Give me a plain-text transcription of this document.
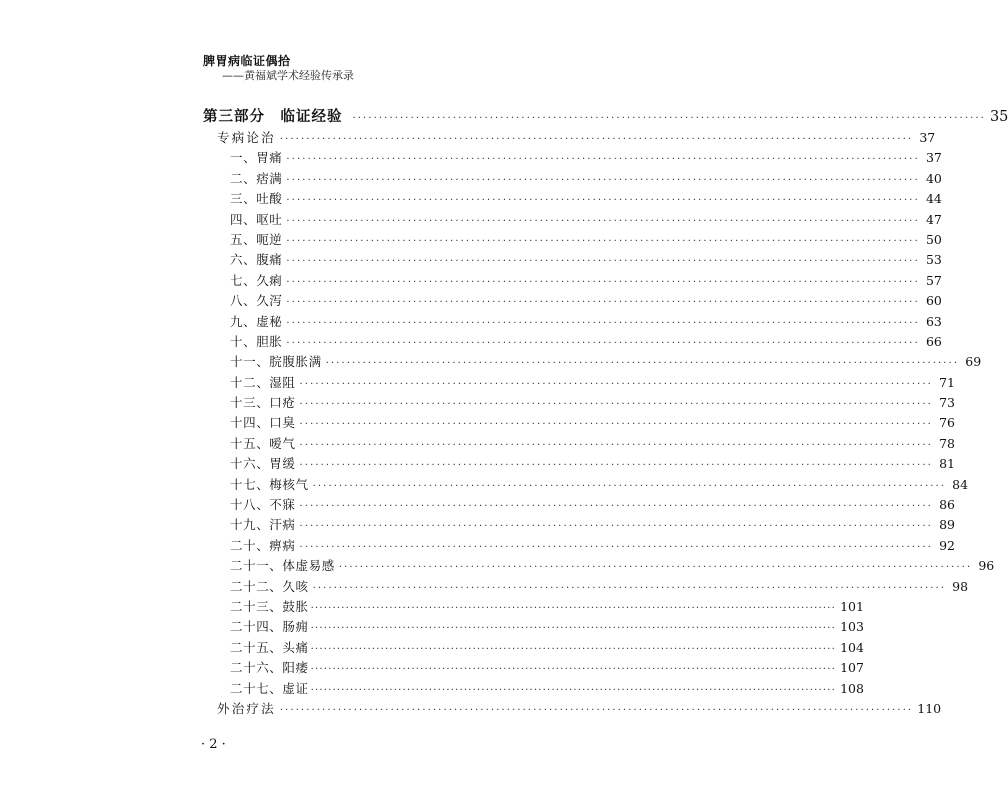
脾胃病临证偶拾
——黄福斌学术经验传承录
第三部分　临证经验 ························································································································ 35
专病论治 ························································································································ 37
一、胃痛 ························································································································ 37
二、痞满 ························································································································ 40
三、吐酸 ························································································································ 44
四、呕吐 ························································································································ 47
五、呃逆 ························································································································ 50
六、腹痛 ························································································································ 53
七、久痢 ························································································································ 57
八、久泻 ························································································································ 60
九、虚秘 ························································································································ 63
十、胆胀 ························································································································ 66
十一、脘腹胀满 ························································································································ 69
十二、湿阻 ························································································································ 71
十三、口疮 ························································································································ 73
十四、口臭 ························································································································ 76
十五、嗳气 ························································································································ 78
十六、胃缓 ························································································································ 81
十七、梅核气 ························································································································ 84
十八、不寐 ························································································································ 86
十九、汗病 ························································································································ 89
二十、痹病 ························································································································ 92
二十一、体虚易感 ························································································································ 96
二十二、久咳 ························································································································ 98
二十三、鼓胀 ························································································································ 101
二十四、肠痈 ························································································································ 103
二十五、头痛 ························································································································ 104
二十六、阳痿 ························································································································ 107
二十七、虚证 ························································································································ 108
外治疗法 ························································································································ 110
· 2 ·
